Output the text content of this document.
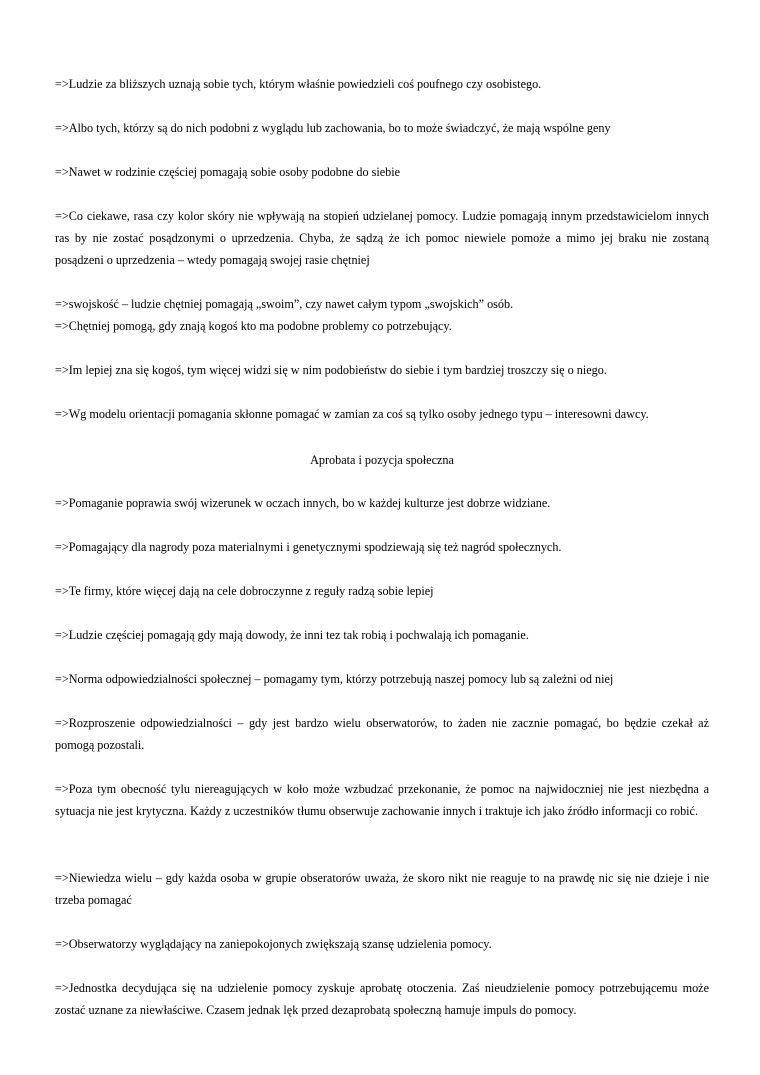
=>Ludzie za bliższych uznają sobie tych, którym właśnie powiedzieli coś poufnego czy osobistego.

=>Albo tych, którzy są do nich podobni z wyglądu lub zachowania, bo to może świadczyć, że mają wspólne geny

=>Nawet w rodzinie częściej pomagają sobie osoby podobne do siebie

=>Co ciekawe, rasa czy kolor skóry nie wpływają na stopień udzielanej pomocy. Ludzie pomagają innym przedstawicielom innych ras by nie zostać posądzonymi o uprzedzenia. Chyba, że sądzą że ich pomoc niewiele pomoże a mimo jej braku nie zostaną posądzeni o uprzedzenia – wtedy pomagają swojej rasie chętniej

=>swojskość – ludzie chętniej pomagają „swoim”, czy nawet całym typom „swojskich” osób.

=>Chętniej pomogą, gdy znają kogoś kto ma podobne problemy co potrzebujący.

=>Im lepiej zna się kogoś, tym więcej widzi się w nim podobieństw do siebie i tym bardziej troszczy się o niego.

=>Wg modelu orientacji pomagania skłonne pomagać w zamian za coś są tylko osoby jednego typu – interesowni dawcy.

Aprobata i pozycja społeczna

=>Pomaganie poprawia swój wizerunek w oczach innych, bo w każdej kulturze jest dobrze widziane.

=>Pomagający dla nagrody poza materialnymi i genetycznymi spodziewają się też nagród społecznych.

=>Te firmy, które więcej dają na cele dobroczynne z reguły radzą sobie lepiej

=>Ludzie częściej pomagają gdy mają dowody, że inni tez tak robią i pochwalają ich pomaganie.

=>Norma odpowiedzialności społecznej – pomagamy tym, którzy potrzebują naszej pomocy lub są zależni od niej

=>Rozproszenie odpowiedzialności – gdy jest bardzo wielu obserwatorów, to żaden nie zacznie pomagać, bo będzie czekał aż pomogą pozostali.

=>Poza tym obecność tylu niereagujących w koło może wzbudzać przekonanie, że pomoc na najwidoczniej nie jest niezbędna a sytuacja nie jest krytyczna. Każdy z uczestników tłumu obserwuje zachowanie innych i traktuje ich jako źródło informacji co robić.

=>Niewiedza wielu – gdy każda osoba w grupie obseratorów uważa, że skoro nikt nie reaguje to na prawdę nic się nie dzieje i nie trzeba pomagać

=>Obserwatorzy wyglądający na zaniepokojonych zwiększają szansę udzielenia pomocy.

=>Jednostka decydująca się na udzielenie pomocy zyskuje aprobatę otoczenia. Zaś nieudzielenie pomocy potrzebującemu może zostać uznane za niewłaściwe. Czasem jednak lęk przed dezaprobatą społeczną hamuje impuls do pomocy.
